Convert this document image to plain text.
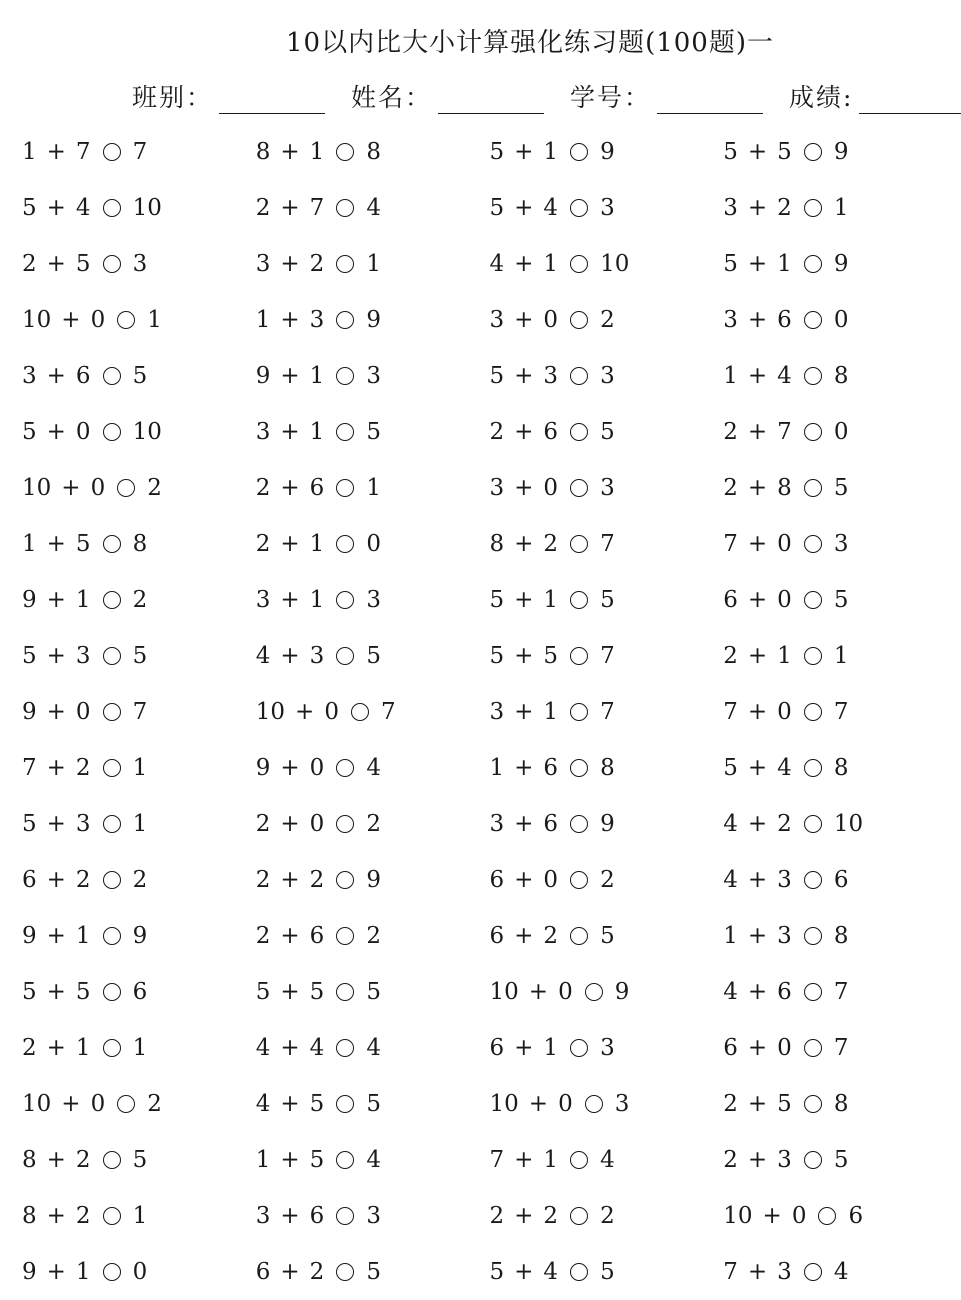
10以内比大小计算强化练习题(100题)一
班别：	姓名：	学号：	成绩:
1 + 7 7	8 + 1 8	5 + 1 9	5 + 5 9
5 + 4 10	2 + 7 4	5 + 4 3	3 + 2 1
2 + 5 3	3 + 2 1	4 + 1 10	5 + 1 9
10 + 0 1	1 + 3 9	3 + 0 2	3 + 6 0
3 + 6 5	9 + 1 3	5 + 3 3	1 + 4 8
5 + 0 10	3 + 1 5	2 + 6 5	2 + 7 0
10 + 0 2	2 + 6 1	3 + 0 3	2 + 8 5
1 + 5 8	2 + 1 0	8 + 2 7	7 + 0 3
9 + 1 2	3 + 1 3	5 + 1 5	6 + 0 5
5 + 3 5	4 + 3 5	5 + 5 7	2 + 1 1
9 + 0 7	10 + 0 7	3 + 1 7	7 + 0 7
7 + 2 1	9 + 0 4	1 + 6 8	5 + 4 8
5 + 3 1	2 + 0 2	3 + 6 9	4 + 2 10
6 + 2 2	2 + 2 9	6 + 0 2	4 + 3 6
9 + 1 9	2 + 6 2	6 + 2 5	1 + 3 8
5 + 5 6	5 + 5 5	10 + 0 9	4 + 6 7
2 + 1 1	4 + 4 4	6 + 1 3	6 + 0 7
10 + 0 2	4 + 5 5	10 + 0 3	2 + 5 8
8 + 2 5	1 + 5 4	7 + 1 4	2 + 3 5
8 + 2 1	3 + 6 3	2 + 2 2	10 + 0 6
9 + 1 0	6 + 2 5	5 + 4 5	7 + 3 4
